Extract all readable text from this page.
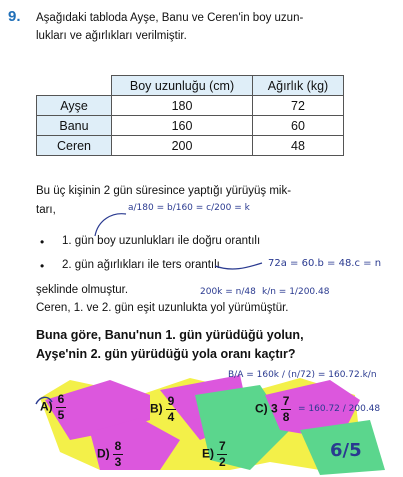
9. Aşağıdaki tabloda Ayşe, Banu ve Ceren'in boy uzun-
lukları ve ağırlıkları verilmiştir.
	Boy uzunluğu (cm)	Ağırlık (kg)
Ayşe	180	72
Banu	160	60
Ceren	200	48
Bu üç kişinin 2 gün süresince yaptığı yürüyüş mik-
tarı,
• 1. gün boy uzunlukları ile doğru orantılı
• 2. gün ağırlıkları ile ters orantılı
şeklinde olmuştur.
Ceren, 1. ve 2. gün eşit uzunlukta yol yürümüştür.
Buna göre, Banu'nun 1. gün yürüdüğü yolun,
Ayşe'nin 2. gün yürüdüğü yola oranı kaçtır?
$A) \frac{6}{5}$	$B) \frac{9}{4}$	C) $3 \frac{7}{8}$
$D) \frac{8}{3}$	$E) \frac{7}{2}$
a/180 = b/160 = c/200 = k
72a = 60.b = 48.c = n
200k = n/48 k/n = 1/200.48
B/A = 160k / (n/72) = 160.72.k/n
= 160.72 / 200.48
6/5
